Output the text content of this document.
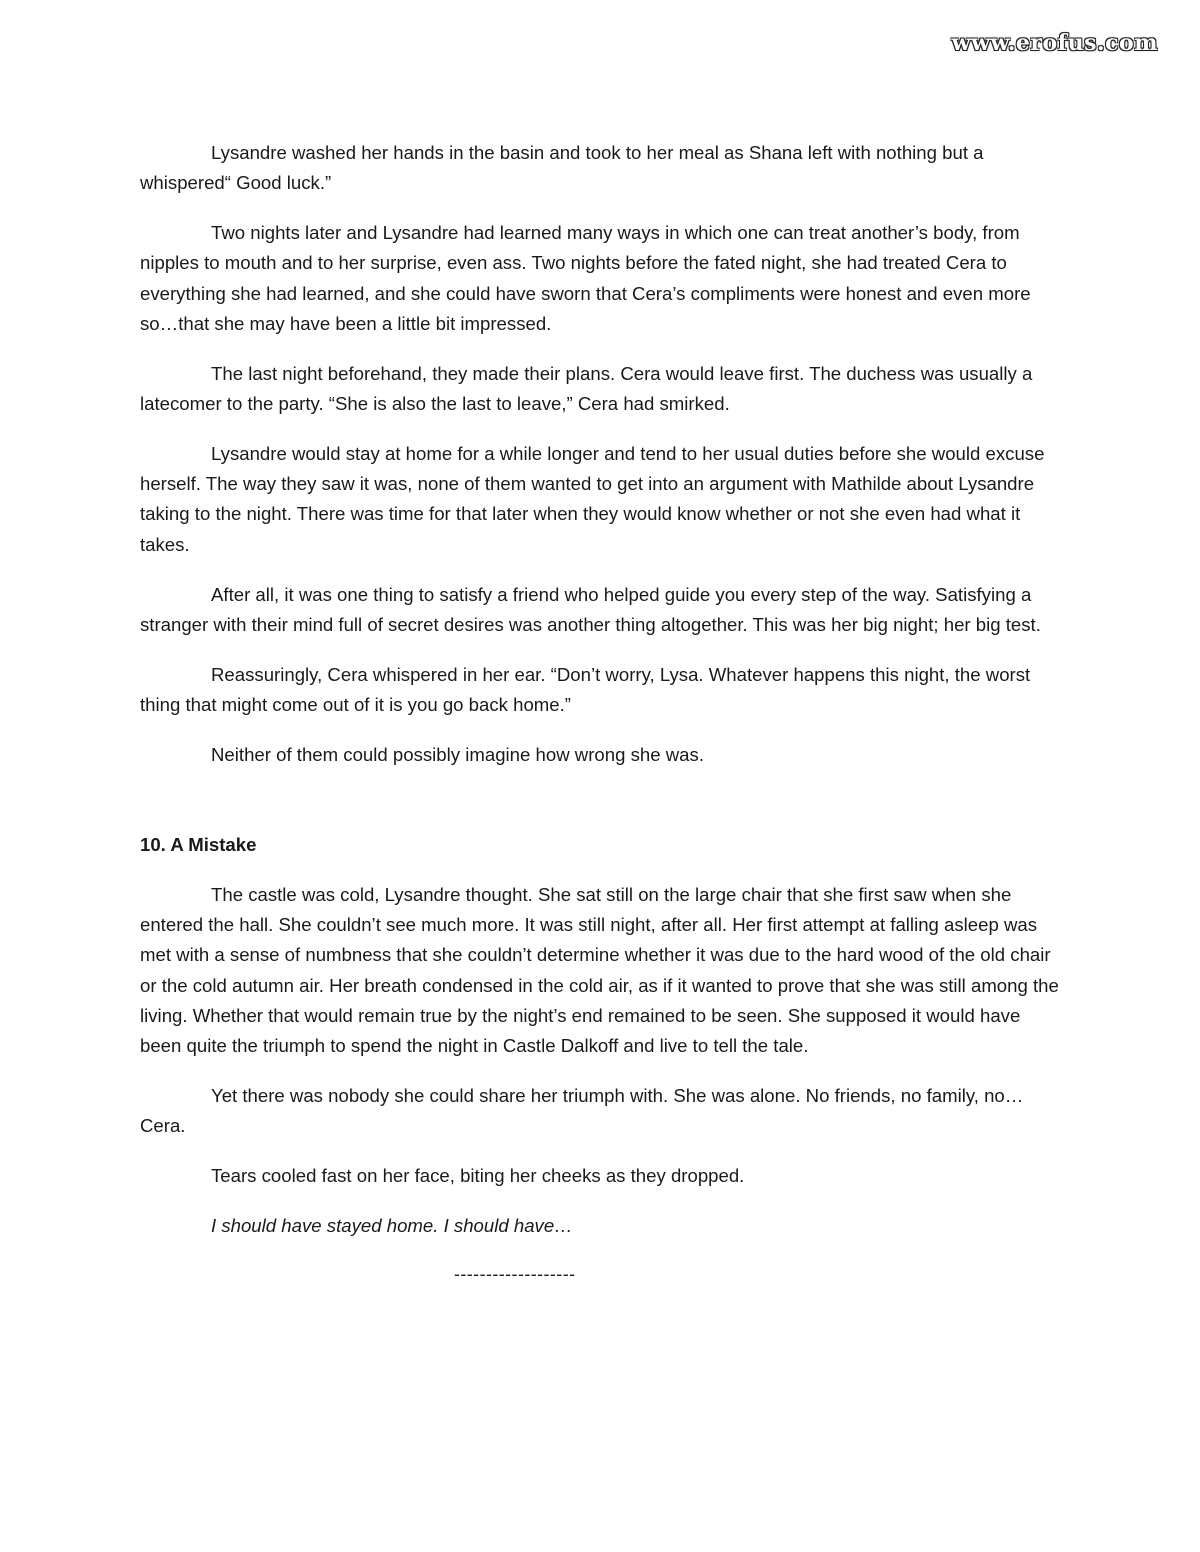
www.erofus.com

Lysandre washed her hands in the basin and took to her meal as Shana left with nothing but a whispered“ Good luck.”

Two nights later and Lysandre had learned many ways in which one can treat another’s body, from nipples to mouth and to her surprise, even ass. Two nights before the fated night, she had treated Cera to everything she had learned, and she could have sworn that Cera’s compliments were honest and even more so…that she may have been a little bit impressed.

The last night beforehand, they made their plans. Cera would leave first. The duchess was usually a latecomer to the party. “She is also the last to leave,” Cera had smirked.

Lysandre would stay at home for a while longer and tend to her usual duties before she would excuse herself. The way they saw it was, none of them wanted to get into an argument with Mathilde about Lysandre taking to the night. There was time for that later when they would know whether or not she even had what it takes.

After all, it was one thing to satisfy a friend who helped guide you every step of the way. Satisfying a stranger with their mind full of secret desires was another thing altogether. This was her big night; her big test.

Reassuringly, Cera whispered in her ear. “Don’t worry, Lysa. Whatever happens this night, the worst thing that might come out of it is you go back home.”

Neither of them could possibly imagine how wrong she was.

10. A Mistake

The castle was cold, Lysandre thought. She sat still on the large chair that she first saw when she entered the hall. She couldn’t see much more. It was still night, after all. Her first attempt at falling asleep was met with a sense of numbness that she couldn’t determine whether it was due to the hard wood of the old chair or the cold autumn air. Her breath condensed in the cold air, as if it wanted to prove that she was still among the living. Whether that would remain true by the night’s end remained to be seen. She supposed it would have been quite the triumph to spend the night in Castle Dalkoff and live to tell the tale.

Yet there was nobody she could share her triumph with. She was alone. No friends, no family, no…Cera.

Tears cooled fast on her face, biting her cheeks as they dropped.

I should have stayed home. I should have…

-------------------
